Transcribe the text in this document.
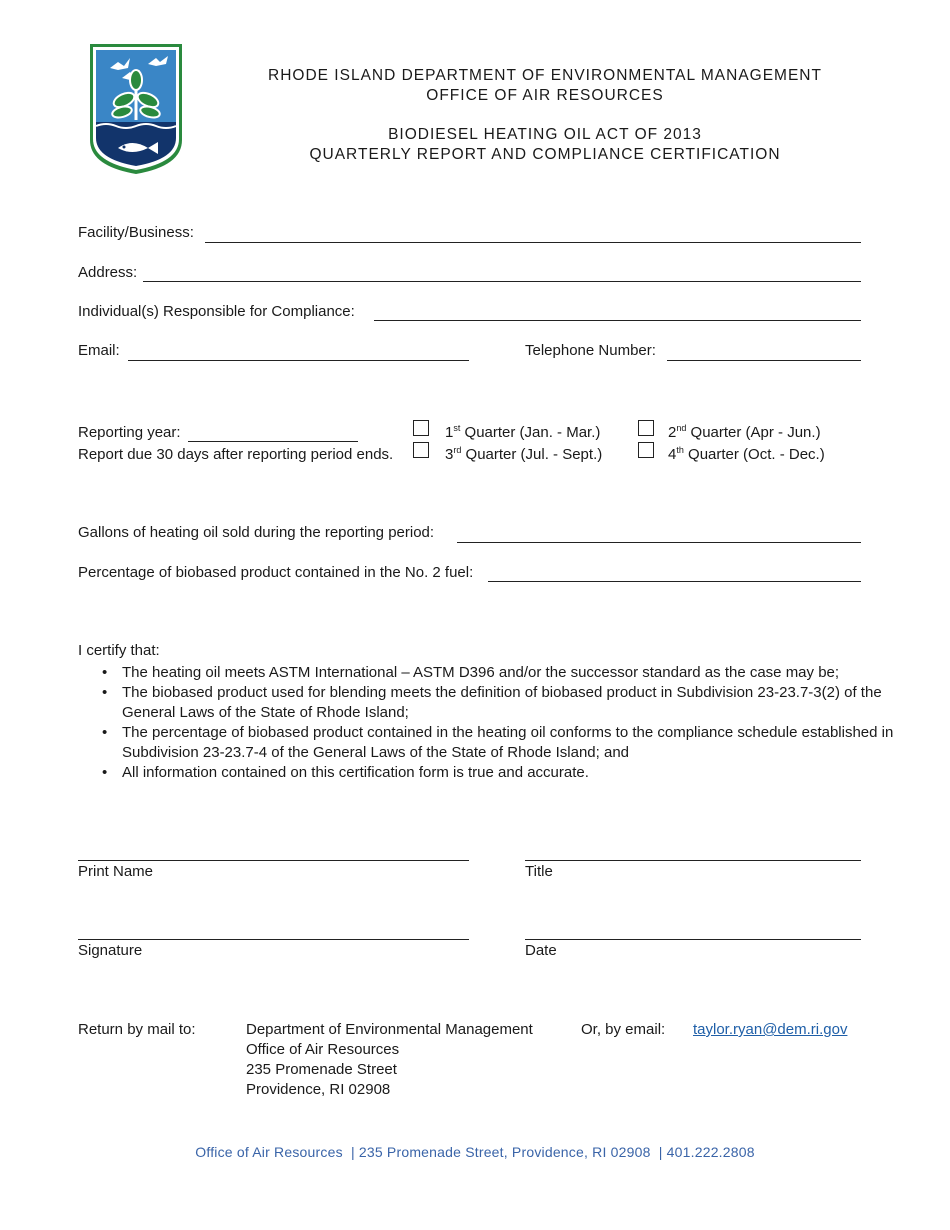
RHODE ISLAND DEPARTMENT OF ENVIRONMENTAL MANAGEMENT
OFFICE OF AIR RESOURCES
BIODIESEL HEATING OIL ACT OF 2013
QUARTERLY REPORT AND COMPLIANCE CERTIFICATION
Facility/Business:
Address:
Individual(s) Responsible for Compliance:
Email:	Telephone Number:
Reporting year:
Report due 30 days after reporting period ends.
1st Quarter (Jan. - Mar.)	2nd Quarter (Apr - Jun.)
3rd Quarter (Jul. - Sept.)	4th Quarter (Oct. - Dec.)
Gallons of heating oil sold during the reporting period:
Percentage of biobased product contained in the No. 2 fuel:
I certify that:
• The heating oil meets ASTM International – ASTM D396 and/or the successor standard as the case may be;
• The biobased product used for blending meets the definition of biobased product in Subdivision 23-23.7-3(2) of the General Laws of the State of Rhode Island;
• The percentage of biobased product contained in the heating oil conforms to the compliance schedule established in Subdivision 23-23.7-4 of the General Laws of the State of Rhode Island; and
• All information contained on this certification form is true and accurate.
Print Name	Title
Signature	Date
Return by mail to:	Department of Environmental Management
Office of Air Resources
235 Promenade Street
Providence, RI 02908
Or, by email: taylor.ryan@dem.ri.gov
Office of Air Resources  | 235 Promenade Street, Providence, RI 02908  | 401.222.2808
